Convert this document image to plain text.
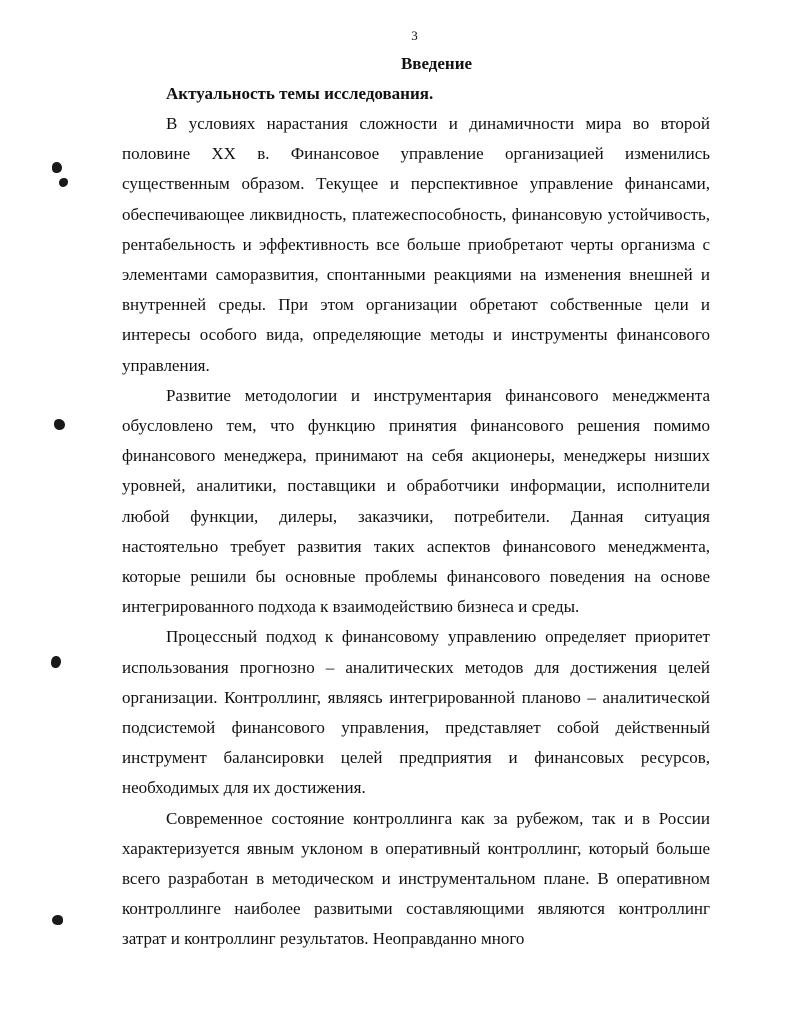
3
Введение
Актуальность темы исследования.

В условиях нарастания сложности и динамичности мира во второй половине XX в. Финансовое управление организацией изменились существенным образом. Текущее и перспективное управление финансами, обеспечивающее ликвидность, платежеспособность, финансовую устойчивость, рентабельность и эффективность все больше приобретают черты организма с элементами саморазвития, спонтанными реакциями на изменения внешней и внутренней среды. При этом организации обретают собственные цели и интересы особого вида, определяющие методы и инструменты финансового управления.

Развитие методологии и инструментария финансового менеджмента обусловлено тем, что функцию принятия финансового решения помимо финансового менеджера, принимают на себя акционеры, менеджеры низших уровней, аналитики, поставщики и обработчики информации, исполнители любой функции, дилеры, заказчики, потребители. Данная ситуация настоятельно требует развития таких аспектов финансового менеджмента, которые решили бы основные проблемы финансового поведения на основе интегрированного подхода к взаимодействию бизнеса и среды.

Процессный подход к финансовому управлению определяет приоритет использования прогнозно – аналитических методов для достижения целей организации. Контроллинг, являясь интегрированной планово – аналитической подсистемой финансового управления, представляет собой действенный инструмент балансировки целей предприятия и финансовых ресурсов, необходимых для их достижения.

Современное состояние контроллинга как за рубежом, так и в России характеризуется явным уклоном в оперативный контроллинг, который больше всего разработан в методическом и инструментальном плане. В оперативном контроллинге наиболее развитыми составляющими являются контроллинг затрат и контроллинг результатов. Неоправданно много
